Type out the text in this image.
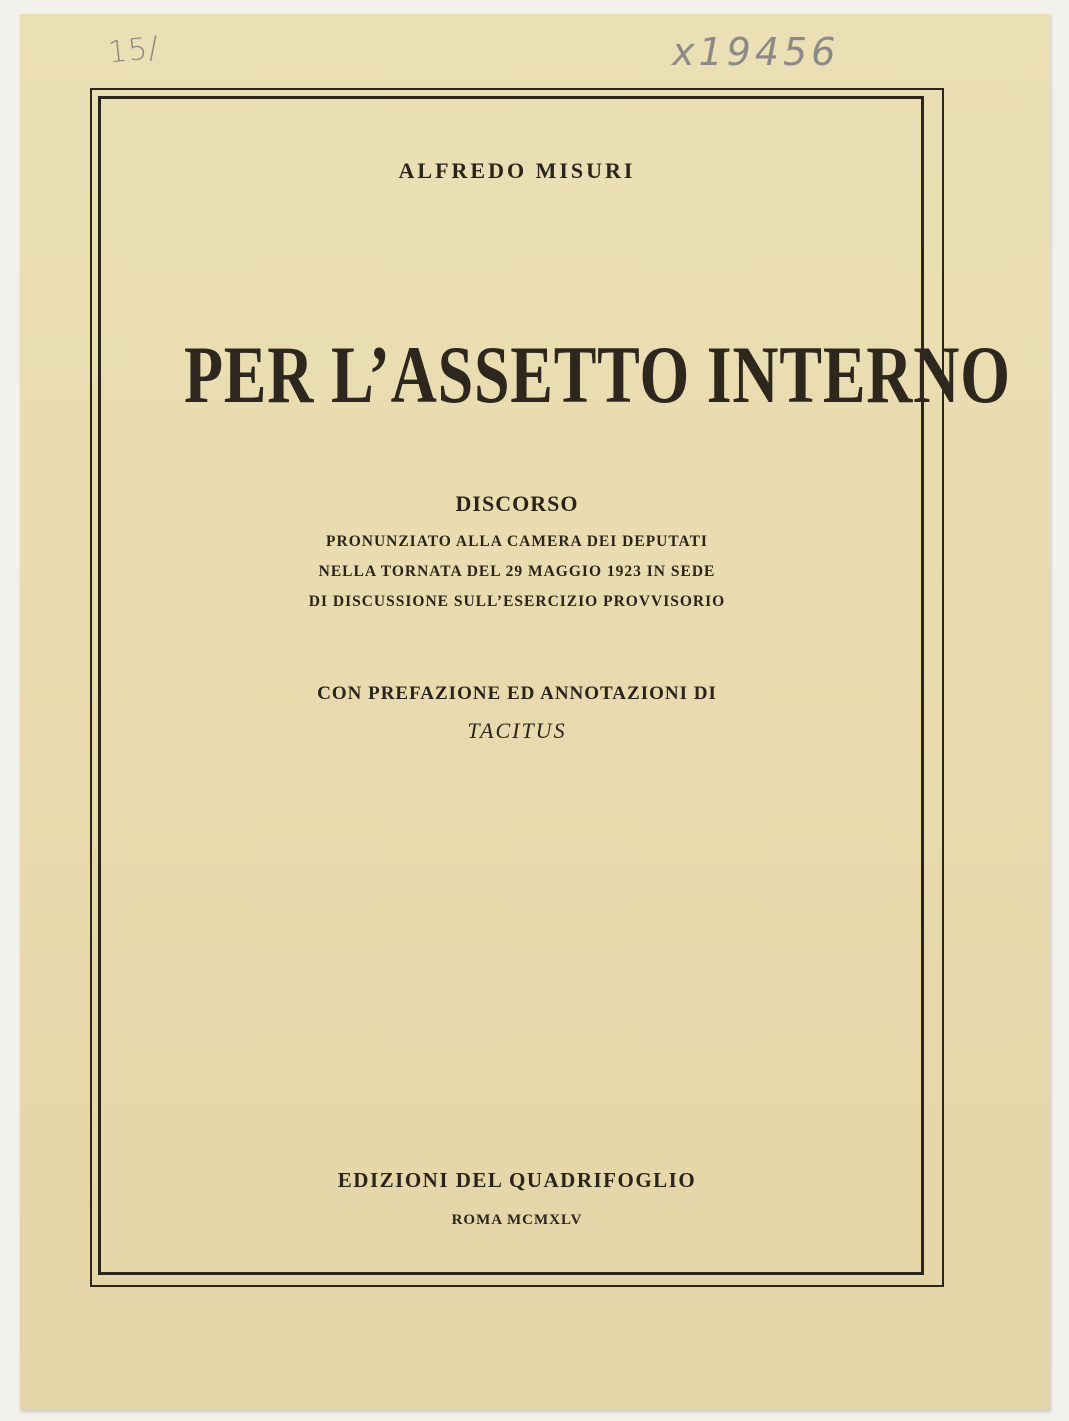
15/	x19456
ALFREDO MISURI
PER L’ASSETTO INTERNO
DISCORSO
PRONUNZIATO ALLA CAMERA DEI DEPUTATI
NELLA TORNATA DEL 29 MAGGIO 1923 IN SEDE
DI DISCUSSIONE SULL’ESERCIZIO PROVVISORIO
CON PREFAZIONE ED ANNOTAZIONI DI
TACITUS
EDIZIONI DEL QUADRIFOGLIO
ROMA MCMXLV
